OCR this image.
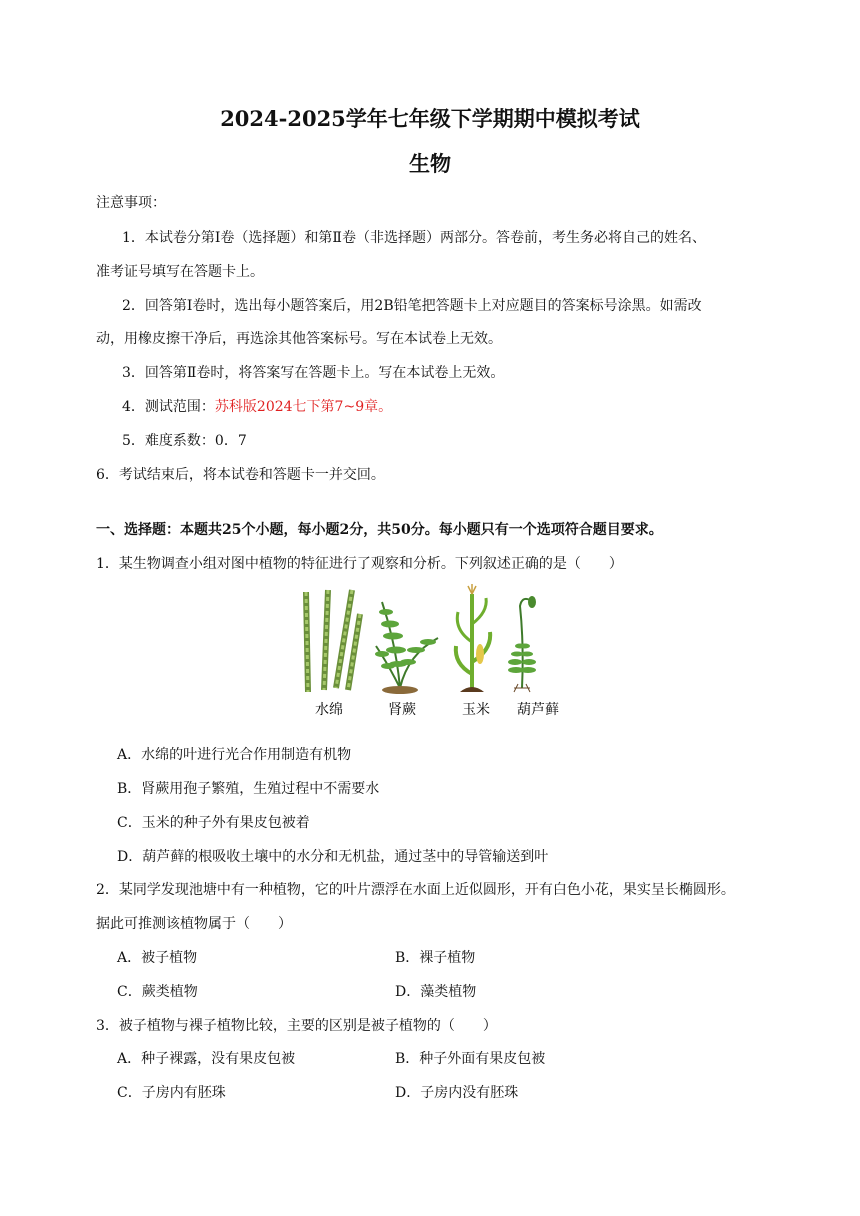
2024-2025学年七年级下学期期中模拟考试
生物
注意事项：
1．本试卷分第Ⅰ卷（选择题）和第Ⅱ卷（非选择题）两部分。答卷前，考生务必将自己的姓名、
准考证号填写在答题卡上。
2．回答第Ⅰ卷时，选出每小题答案后，用2B铅笔把答题卡上对应题目的答案标号涂黑。如需改
动，用橡皮擦干净后，再选涂其他答案标号。写在本试卷上无效。
3．回答第Ⅱ卷时，将答案写在答题卡上。写在本试卷上无效。
4．测试范围：苏科版2024七下第7~9章。
5．难度系数：0．7
6．考试结束后，将本试卷和答题卡一并交回。
一、选择题：本题共25个小题，每小题2分，共50分。每小题只有一个选项符合题目要求。
1．某生物调查小组对图中植物的特征进行了观察和分析。下列叙述正确的是（　　）
水绵	肾蕨	玉米 葫芦藓
A．水绵的叶进行光合作用制造有机物
B．肾蕨用孢子繁殖，生殖过程中不需要水
C．玉米的种子外有果皮包被着
D．葫芦藓的根吸收土壤中的水分和无机盐，通过茎中的导管输送到叶
2．某同学发现池塘中有一种植物，它的叶片漂浮在水面上近似圆形，开有白色小花，果实呈长椭圆形。
据此可推测该植物属于（　　）
A．被子植物	B．裸子植物
C．蕨类植物	D．藻类植物
3．被子植物与裸子植物比较，主要的区别是被子植物的（　　）
A．种子裸露，没有果皮包被	B．种子外面有果皮包被
C．子房内有胚珠	D．子房内没有胚珠
